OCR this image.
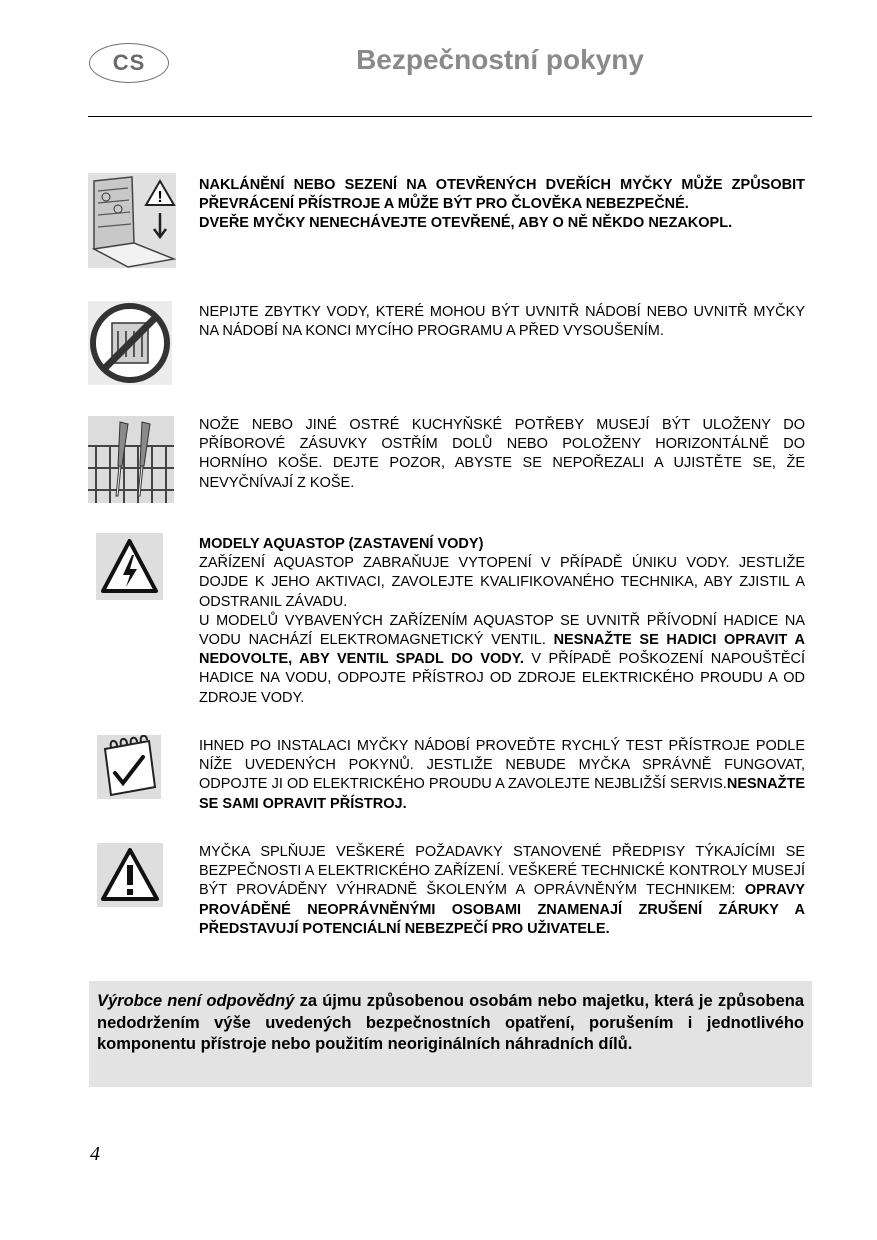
CS	Bezpečnostní pokyny
!

NAKLÁNĚNÍ NEBO SEZENÍ NA OTEVŘENÝCH DVEŘÍCH MYČKY MŮŽE ZPŮSOBIT PŘEVRÁCENÍ PŘÍSTROJE A MŮŽE BÝT PRO ČLOVĚKA NEBEZPEČNÉ.

DVEŘE MYČKY NENECHÁVEJTE OTEVŘENÉ, ABY O NĚ NĚKDO NEZAKOPL.

NEPIJTE ZBYTKY VODY, KTERÉ MOHOU BÝT UVNITŘ NÁDOBÍ NEBO UVNITŘ MYČKY NA NÁDOBÍ NA KONCI MYCÍHO PROGRAMU A PŘED VYSOUŠENÍM.

NOŽE NEBO JINÉ OSTRÉ KUCHYŇSKÉ POTŘEBY MUSEJÍ BÝT ULOŽENY DO PŘÍBOROVÉ ZÁSUVKY OSTŘÍM DOLŮ NEBO POLOŽENY HORIZONTÁLNĚ DO HORNÍHO KOŠE. DEJTE POZOR, ABYSTE SE NEPOŘEZALI A UJISTĚTE SE, ŽE NEVYČNÍVAJÍ Z KOŠE.

MODELY AQUASTOP (ZASTAVENÍ VODY)

ZAŘÍZENÍ AQUASTOP ZABRAŇUJE VYTOPENÍ V PŘÍPADĚ ÚNIKU VODY. JESTLIŽE DOJDE K JEHO AKTIVACI, ZAVOLEJTE KVALIFIKOVANÉHO TECHNIKA, ABY ZJISTIL A ODSTRANIL ZÁVADU.

U MODELŮ VYBAVENÝCH ZAŘÍZENÍM AQUASTOP SE UVNITŘ PŘÍVODNÍ HADICE NA VODU NACHÁZÍ ELEKTROMAGNETICKÝ VENTIL. NESNAŽTE SE HADICI OPRAVIT A NEDOVOLTE, ABY VENTIL SPADL DO VODY. V PŘÍPADĚ POŠKOZENÍ NAPOUŠTĚCÍ HADICE NA VODU, ODPOJTE PŘÍSTROJ OD ZDROJE ELEKTRICKÉHO PROUDU A OD ZDROJE VODY.

IHNED PO INSTALACI MYČKY NÁDOBÍ PROVEĎTE RYCHLÝ TEST PŘÍSTROJE PODLE NÍŽE UVEDENÝCH POKYNŮ. JESTLIŽE NEBUDE MYČKA SPRÁVNĚ FUNGOVAT, ODPOJTE JI OD ELEKTRICKÉHO PROUDU A ZAVOLEJTE NEJBLIŽŠÍ SERVIS.NESNAŽTE SE SAMI OPRAVIT PŘÍSTROJ.

MYČKA SPLŇUJE VEŠKERÉ POŽADAVKY STANOVENÉ PŘEDPISY TÝKAJÍCÍMI SE BEZPEČNOSTI A ELEKTRICKÉHO ZAŘÍZENÍ. VEŠKERÉ TECHNICKÉ KONTROLY MUSEJÍ BÝT PROVÁDĚNY VÝHRADNĚ ŠKOLENÝM A OPRÁVNĚNÝM TECHNIKEM: OPRAVY PROVÁDĚNÉ NEOPRÁVNĚNÝMI OSOBAMI ZNAMENAJÍ ZRUŠENÍ ZÁRUKY A PŘEDSTAVUJÍ POTENCIÁLNÍ NEBEZPEČÍ PRO UŽIVATELE.

Výrobce není odpovědný za újmu způsobenou osobám nebo majetku, která je způsobena nedodržením výše uvedených bezpečnostních opatření, porušením i jednotlivého komponentu přístroje nebo použitím neoriginálních náhradních dílů.
4
